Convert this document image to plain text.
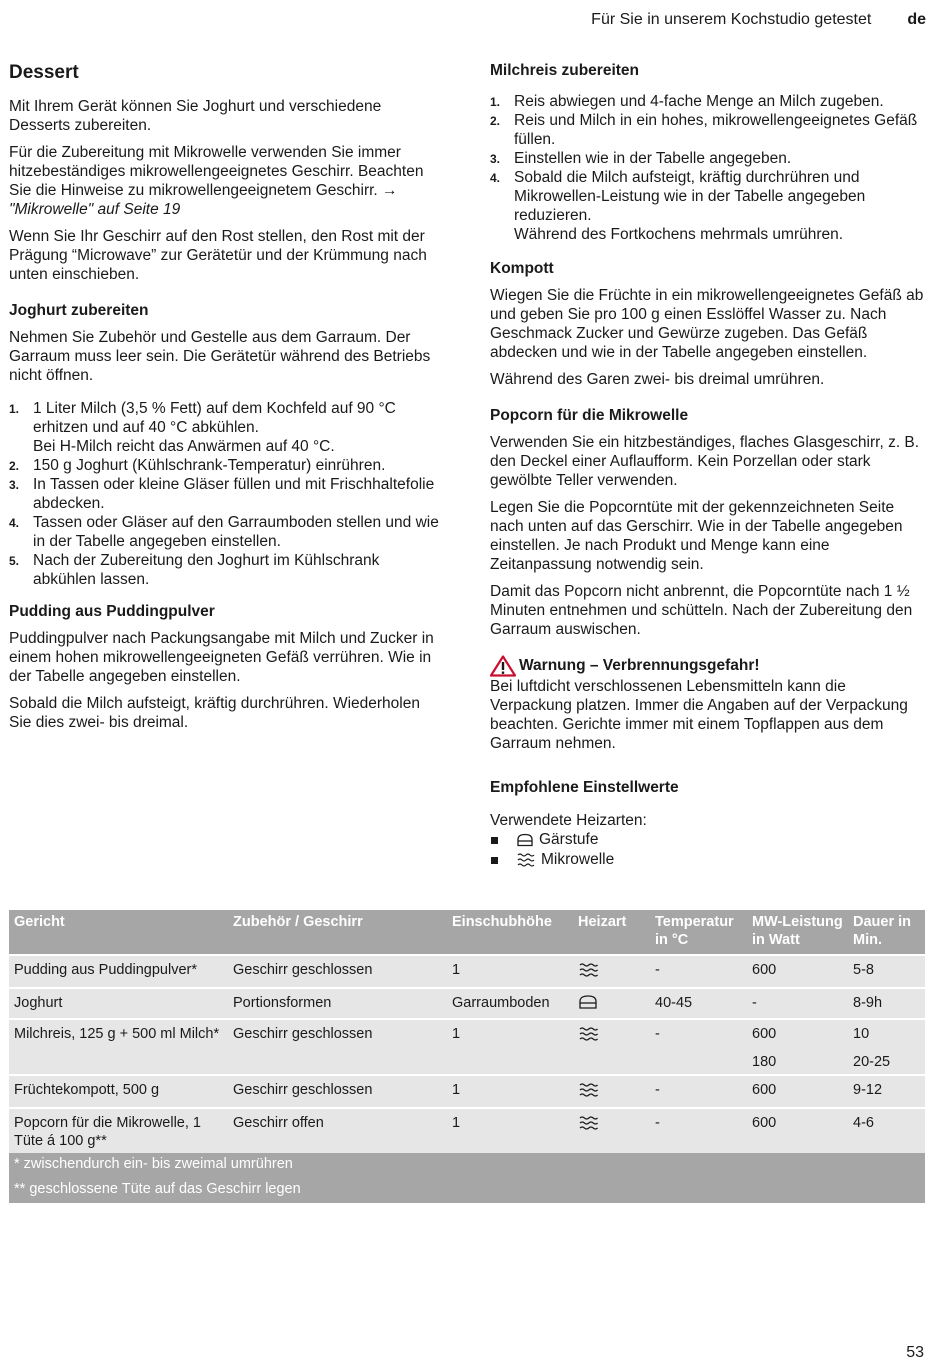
Für Sie in unserem Kochstudio getestet de
Dessert

Mit Ihrem Gerät können Sie Joghurt und verschiedene Desserts zubereiten.

Für die Zubereitung mit Mikrowelle verwenden Sie immer hitzebeständiges mikrowellengeeignetes Geschirr. Beachten Sie die Hinweise zu mikrowellengeeignetem Geschirr. → "Mikrowelle" auf Seite 19

Wenn Sie Ihr Geschirr auf den Rost stellen, den Rost mit der Prägung “Microwave” zur Gerätetür und der Krümmung nach unten einschieben.

Joghurt zubereiten

Nehmen Sie Zubehör und Gestelle aus dem Garraum. Der Garraum muss leer sein. Die Gerätetür während des Betriebs nicht öffnen.

1. 1 Liter Milch (3,5 % Fett) auf dem Kochfeld auf 90 °C erhitzen und auf 40 °C abkühlen.
Bei H-Milch reicht das Anwärmen auf 40 °C.
2. 150 g Joghurt (Kühlschrank-Temperatur) einrühren.
3. In Tassen oder kleine Gläser füllen und mit Frischhaltefolie abdecken.
4. Tassen oder Gläser auf den Garraumboden stellen und wie in der Tabelle angegeben einstellen.
5. Nach der Zubereitung den Joghurt im Kühlschrank abkühlen lassen.
Pudding aus Puddingpulver

Puddingpulver nach Packungsangabe mit Milch und Zucker in einem hohen mikrowellengeeigneten Gefäß verrühren. Wie in der Tabelle angegeben einstellen.

Sobald die Milch aufsteigt, kräftig durchrühren. Wiederholen Sie dies zwei- bis dreimal.

Milchreis zubereiten
1. Reis abwiegen und 4-fache Menge an Milch zugeben.
2. Reis und Milch in ein hohes, mikrowellengeeignetes Gefäß füllen.
3. Einstellen wie in der Tabelle angegeben.
4. Sobald die Milch aufsteigt, kräftig durchrühren und Mikrowellen-Leistung wie in der Tabelle angegeben reduzieren.
Während des Fortkochens mehrmals umrühren.
Kompott

Wiegen Sie die Früchte in ein mikrowellengeeignetes Gefäß ab und geben Sie pro 100 g einen Esslöffel Wasser zu. Nach Geschmack Zucker und Gewürze zugeben. Das Gefäß abdecken und wie in der Tabelle angegeben einstellen.

Während des Garen zwei- bis dreimal umrühren.

Popcorn für die Mikrowelle

Verwenden Sie ein hitzbeständiges, flaches Glasgeschirr, z. B. den Deckel einer Auflaufform. Kein Porzellan oder stark gewölbte Teller verwenden.

Legen Sie die Popcorntüte mit der gekennzeichneten Seite nach unten auf das Gerschirr. Wie in der Tabelle angegeben einstellen. Je nach Produkt und Menge kann eine Zeitanpassung notwendig sein.

Damit das Popcorn nicht anbrennt, die Popcorntüte nach 1 ½ Minuten entnehmen und schütteln. Nach der Zubereitung den Garraum auswischen.

Warnung – Verbrennungsgefahr!

Bei luftdicht verschlossenen Lebensmitteln kann die Verpackung platzen. Immer die Angaben auf der Verpackung beachten. Gerichte immer mit einem Topflappen aus dem Garraum nehmen.

Empfohlene Einstellwerte

Verwendete Heizarten:

Gärstufe
Mikrowelle
Gericht	Zubehör / Geschirr	Einschubhöhe	Heizart	Temperatur in °C	MW-Leistung in Watt	Dauer in Min.
Pudding aus Puddingpulver*	Geschirr geschlossen	1		-	600	5-8
Joghurt	Portionsformen	Garraumboden		40-45	-	8-9h
Milchreis, 125 g + 500 ml Milch*	Geschirr geschlossen	1		-	600	10
					180	20-25
Früchtekompott, 500 g	Geschirr geschlossen	1		-	600	9-12
Popcorn für die Mikrowelle, 1 Tüte á 100 g**	Geschirr offen	1		-	600	4-6
* zwischendurch ein- bis zweimal umrühren						
** geschlossene Tüte auf das Geschirr legen						
53
